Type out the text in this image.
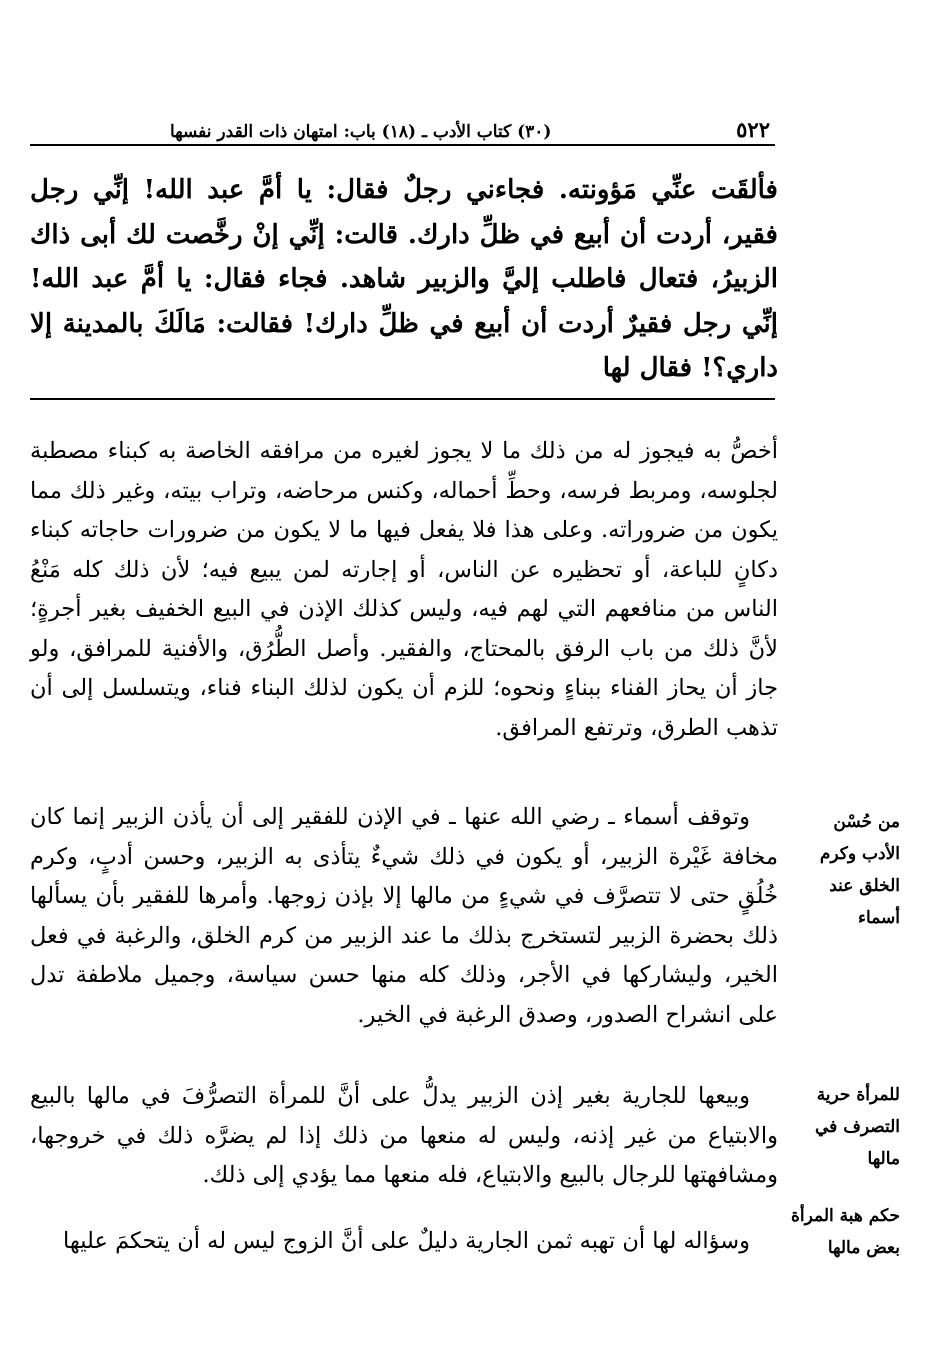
(٣٠) كتاب الأدب ـ (١٨) باب: امتهان ذات القدر نفسها	٥٢٢

فألقَت عنِّي مَؤونته. فجاءني رجلٌ فقال: يا أمَّ عبد الله! إنِّي رجل فقير، أردت أن أبيع في ظلِّ دارك. قالت: إنِّي إنْ رخَّصت لك أبى ذاك الزبيرُ، فتعال فاطلب إليَّ والزبير شاهد. فجاء فقال: يا أمَّ عبد الله! إنِّي رجل فقيرٌ أردت أن أبيع في ظلِّ دارك! فقالت: مَالَكَ بالمدينة إلا داري؟! فقال لها

أخصُّ به فيجوز له من ذلك ما لا يجوز لغيره من مرافقه الخاصة به كبناء مصطبة لجلوسه، ومربط فرسه، وحطِّ أحماله، وكنس مرحاضه، وتراب بيته، وغير ذلك مما يكون من ضروراته. وعلى هذا فلا يفعل فيها ما لا يكون من ضرورات حاجاته كبناء دكانٍ للباعة، أو تحظيره عن الناس، أو إجارته لمن يبيع فيه؛ لأن ذلك كله مَنْعُ الناس من منافعهم التي لهم فيه، وليس كذلك الإذن في البيع الخفيف بغير أجرةٍ؛ لأنَّ ذلك من باب الرفق بالمحتاج، والفقير. وأصل الطُّرُق، والأفنية للمرافق، ولو جاز أن يحاز الفناء ببناءٍ ونحوه؛ للزم أن يكون لذلك البناء فناء، ويتسلسل إلى أن تذهب الطرق، وترتفع المرافق.

وتوقف أسماء ـ رضي الله عنها ـ في الإذن للفقير إلى أن يأذن الزبير إنما كان مخافة غَيْرة الزبير، أو يكون في ذلك شيءٌ يتأذى به الزبير، وحسن أدبٍ، وكرم خُلُقٍ حتى لا تتصرَّف في شيءٍ من مالها إلا بإذن زوجها. وأمرها للفقير بأن يسألها ذلك بحضرة الزبير لتستخرج بذلك ما عند الزبير من كرم الخلق، والرغبة في فعل الخير، وليشاركها في الأجر، وذلك كله منها حسن سياسة، وجميل ملاطفة تدل على انشراح الصدور، وصدق الرغبة في الخير.

وبيعها للجارية بغير إذن الزبير يدلُّ على أنَّ للمرأة التصرُّفَ في مالها بالبيع والابتياع من غير إذنه، وليس له منعها من ذلك إذا لم يضرَّه ذلك في خروجها، ومشافهتها للرجال بالبيع والابتياع، فله منعها مما يؤدي إلى ذلك.

وسؤاله لها أن تهبه ثمن الجارية دليلٌ على أنَّ الزوج ليس له أن يتحكمَ عليها

من حُسْن
الأدب وكرم
الخلق عند
أسماء
للمرأة حرية
التصرف في
مالها
حكم هبة المرأة
بعض مالها
